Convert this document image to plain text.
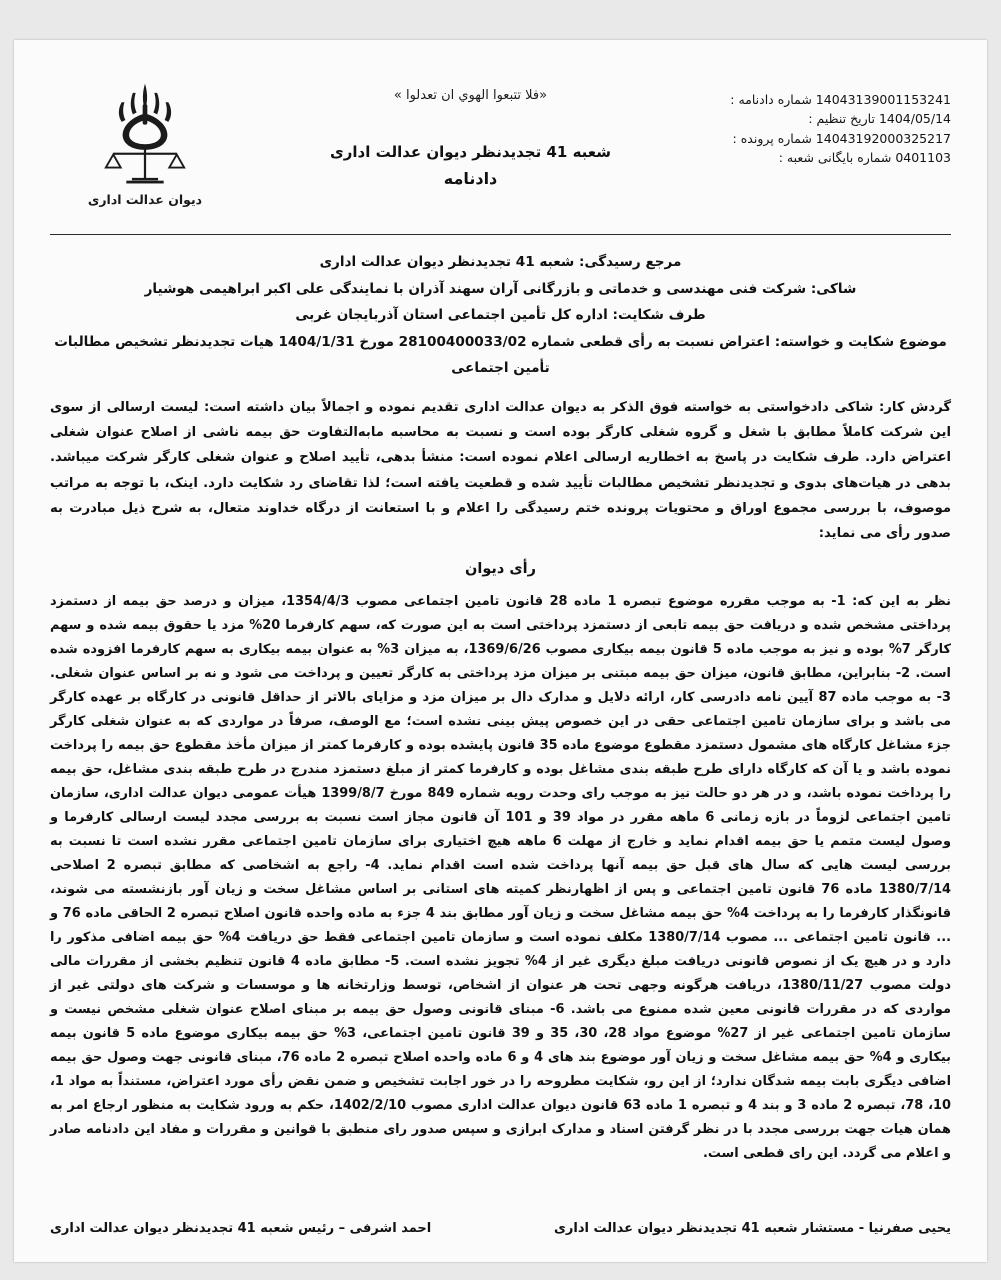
دیوان عدالت اداری
«فلا تتبعوا الهوي ان تعدلوا »
شعبه 41 تجدیدنظر دیوان عدالت اداری
دادنامه
14043139001153241 شماره دادنامه :
1404/05/14 تاریخ تنظیم :
14043192000325217 شماره پرونده :
0401103 شماره بایگانی شعبه :
مرجع رسیدگی: شعبه 41 تجدیدنظر دیوان عدالت اداری
شاکی: شرکت فنی مهندسی و خدماتی و بازرگانی آران سهند آذران با نمایندگی علی اکبر ابراهیمی هوشیار
طرف شکایت: اداره کل تأمین اجتماعی استان آذربایجان غربی
موضوع شکایت و خواسته: اعتراض نسبت به رأی قطعی شماره 28100400033/02 مورخ 1404/1/31 هیات تجدیدنظر تشخیص مطالبات تأمین اجتماعی

گردش کار: شاکی دادخواستی به خواسته فوق الذکر به دیوان عدالت اداری تقدیم نموده و اجمالاً بیان داشته است: لیست ارسالی از سوی این شرکت کاملاً مطابق با شغل و گروه شغلی کارگر بوده است و نسبت به محاسبه مابه‌التفاوت حق بیمه ناشی از اصلاح عنوان شغلی اعتراض دارد. طرف شکایت در پاسخ به اخطاریه ارسالی اعلام نموده است: منشأ بدهی، تأیید اصلاح و عنوان شغلی کارگر شرکت میباشد. بدهی در هیات‌های بدوی و تجدیدنظر تشخیص مطالبات تأیید شده و قطعیت یافته است؛ لذا تقاضای رد شکایت دارد. اینک، با توجه به مراتب موصوف، با بررسی مجموع اوراق و محتویات پرونده ختم رسیدگی را اعلام و با استعانت از درگاه خداوند متعال، به شرح ذیل مبادرت به صدور رأی می نماید:

رأی دیوان

نظر به این که: 1- به موجب مقرره موضوع تبصره 1 ماده 28 قانون تامین اجتماعی مصوب 1354/4/3، میزان و درصد حق بیمه از دستمزد پرداختی مشخص شده و دریافت حق بیمه تابعی از دستمزد پرداختی است به این صورت که، سهم کارفرما 20% مزد یا حقوق بیمه شده و سهم کارگر 7% بوده و نیز به موجب ماده 5 قانون بیمه بیکاری مصوب 1369/6/26، به میزان 3% به عنوان بیمه بیکاری به سهم کارفرما افزوده شده است. 2- بنابراین، مطابق قانون، میزان حق بیمه مبتنی بر میزان مزد پرداختی به کارگر تعیین و پرداخت می شود و نه بر اساس عنوان شغلی. 3- به موجب ماده 87 آیین نامه دادرسی کار، ارائه دلایل و مدارک دال بر میزان مزد و مزایای بالاتر از حداقل قانونی در کارگاه بر عهده کارگر می باشد و برای سازمان تامین اجتماعی حقی در این خصوص پیش بینی نشده است؛ مع الوصف، صرفاً در مواردی که به عنوان شغلی کارگر جزء مشاغل کارگاه های مشمول دستمزد مقطوع موضوع ماده 35 قانون پایشده بوده و کارفرما کمتر از میزان مأخذ مقطوع حق بیمه را پرداخت نموده باشد و یا آن که کارگاه دارای طرح طبقه بندی مشاغل بوده و کارفرما کمتر از مبلغ دستمزد مندرج در طرح طبقه بندی مشاغل، حق بیمه را پرداخت نموده باشد، و در هر دو حالت نیز به موجب رای وحدت رویه شماره 849 مورخ 1399/8/7 هیأت عمومی دیوان عدالت اداری، سازمان تامین اجتماعی لزوماً در بازه زمانی 6 ماهه مقرر در مواد 39 و 101 آن قانون مجاز است نسبت به بررسی مجدد لیست ارسالی کارفرما و وصول لیست متمم یا حق بیمه اقدام نماید و خارج از مهلت 6 ماهه هیچ اختیاری برای سازمان تامین اجتماعی مقرر نشده است تا نسبت به بررسی لیست هایی که سال های قبل حق بیمه آنها پرداخت شده است اقدام نماید. 4- راجع به اشخاصی که مطابق تبصره 2 اصلاحی 1380/7/14 ماده 76 قانون تامین اجتماعی و پس از اظهارنظر کمیته های استانی بر اساس مشاغل سخت و زیان آور بازنشسته می شوند، قانونگذار کارفرما را به پرداخت 4% حق بیمه مشاغل سخت و زیان آور مطابق بند 4 جزء به ماده واحده قانون اصلاح تبصره 2 الحاقی ماده 76 و ... قانون تامین اجتماعی ... مصوب 1380/7/14 مکلف نموده است و سازمان تامین اجتماعی فقط حق دریافت 4% حق بیمه اضافی مذکور را دارد و در هیچ یک از نصوص قانونی دریافت مبلغ دیگری غیر از 4% تجویز نشده است. 5- مطابق ماده 4 قانون تنظیم بخشی از مقررات مالی دولت مصوب 1380/11/27، دریافت هرگونه وجهی تحت هر عنوان از اشخاص، توسط وزارتخانه ها و موسسات و شرکت های دولتی غیر از مواردی که در مقررات قانونی معین شده ممنوع می باشد. 6- مبنای قانونی وصول حق بیمه بر مبنای اصلاح عنوان شغلی مشخص نیست و سازمان تامین اجتماعی غیر از 27% موضوع مواد 28، 30، 35 و 39 قانون تامین اجتماعی، 3% حق بیمه بیکاری موضوع ماده 5 قانون بیمه بیکاری و 4% حق بیمه مشاغل سخت و زیان آور موضوع بند های 4 و 6 ماده واحده اصلاح تبصره 2 ماده 76، مبنای قانونی جهت وصول حق بیمه اضافی دیگری بابت بیمه شدگان ندارد؛ از این رو، شکایت مطروحه را در خور اجابت تشخیص و ضمن نقض رأی مورد اعتراض، مستنداً به مواد 1، 10، 78، تبصره 2 ماده 3 و بند 4 و تبصره 1 ماده 63 قانون دیوان عدالت اداری مصوب 1402/2/10، حکم به ورود شکایت به منظور ارجاع امر به همان هیات جهت بررسی مجدد با در نظر گرفتن اسناد و مدارک ابرازی و سپس صدور رای منطبق با قوانین و مقررات و مفاد این دادنامه صادر و اعلام می گردد. این رای قطعی است.

احمد اشرفی – رئیس شعبه 41 تجدیدنظر دیوان عدالت اداری	یحیی صفرنیا - مستشار شعبه 41 تجدیدنظر دیوان عدالت اداری
